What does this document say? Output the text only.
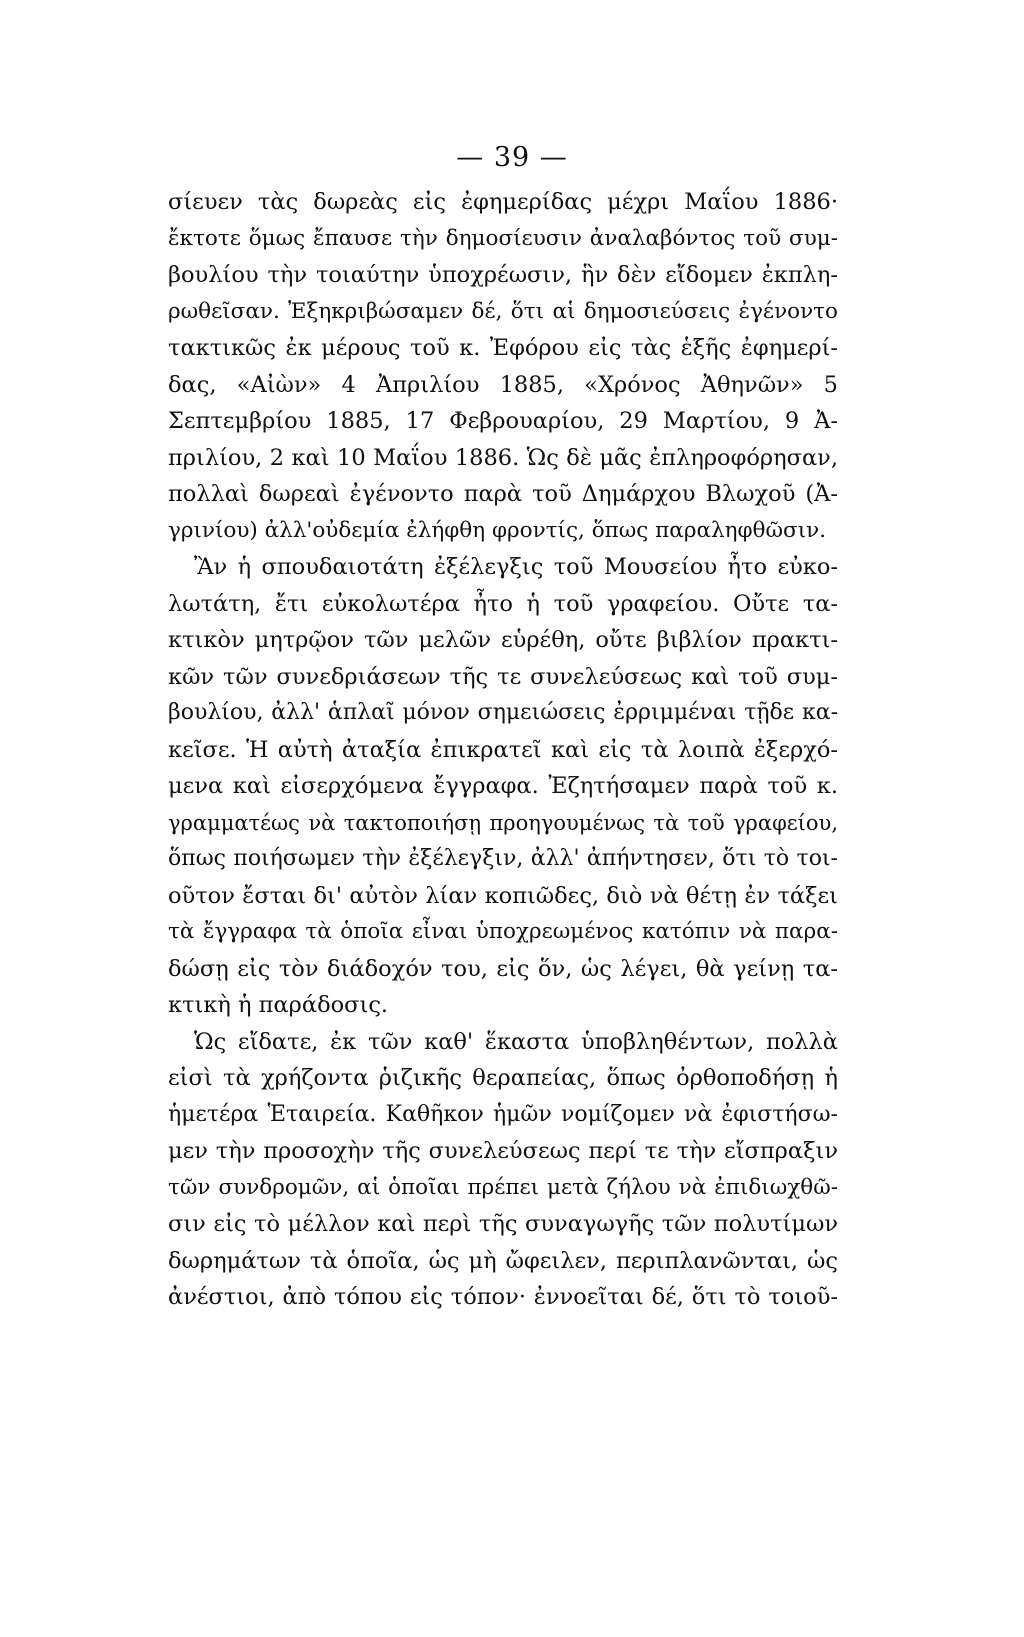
— 39 —
σίευεν τὰς δωρεὰς εἰς ἐφημερίδας μέχρι Μαΐου 1886·
ἔκτοτε ὅμως ἔπαυσε τὴν δημοσίευσιν ἀναλαβόντος τοῦ συμ-
βουλίου τὴν τοιαύτην ὑποχρέωσιν, ἣν δὲν εἴδομεν ἐκπλη-
ρωθεῖσαν. Ἐξηκριβώσαμεν δέ, ὅτι αἱ δημοσιεύσεις ἐγένοντο
τακτικῶς ἐκ μέρους τοῦ κ. Ἐφόρου εἰς τὰς ἑξῆς ἐφημερί-
δας, «Αἰὼν» 4 Ἀπριλίου 1885, «Χρόνος Ἀθηνῶν» 5
Σεπτεμβρίου 1885, 17 Φεβρουαρίου, 29 Μαρτίου, 9 Ἀ-
πριλίου, 2 καὶ 10 Μαΐου 1886. Ὡς δὲ μᾶς ἐπληροφόρησαν,
πολλαὶ δωρεαὶ ἐγένοντο παρὰ τοῦ Δημάρχου Βλωχοῦ (Ἀ-
γρινίου) ἀλλ'οὐδεμία ἐλήφθη φροντίς, ὅπως παραληφθῶσιν.
Ἂν ἡ σπουδαιοτάτη ἐξέλεγξις τοῦ Μουσείου ἦτο εὐκο-
λωτάτη, ἔτι εὐκολωτέρα ἦτο ἡ τοῦ γραφείου. Οὔτε τα-
κτικὸν μητρῷον τῶν μελῶν εὑρέθη, οὔτε βιβλίον πρακτι-
κῶν τῶν συνεδριάσεων τῆς τε συνελεύσεως καὶ τοῦ συμ-
βουλίου, ἀλλ' ἁπλαῖ μόνον σημειώσεις ἐρριμμέναι τῇδε κα-
κεῖσε. Ἡ αὐτὴ ἀταξία ἐπικρατεῖ καὶ εἰς τὰ λοιπὰ ἐξερχό-
μενα καὶ εἰσερχόμενα ἔγγραφα. Ἐζητήσαμεν παρὰ τοῦ κ.
γραμματέως νὰ τακτοποιήσῃ προηγουμένως τὰ τοῦ γραφείου,
ὅπως ποιήσωμεν τὴν ἐξέλεγξιν, ἀλλ' ἀπήντησεν, ὅτι τὸ τοι-
οῦτον ἔσται δι' αὐτὸν λίαν κοπιῶδες, διὸ νὰ θέτῃ ἐν τάξει
τὰ ἔγγραφα τὰ ὁποῖα εἶναι ὑποχρεωμένος κατόπιν νὰ παρα-
δώσῃ εἰς τὸν διάδοχόν του, εἰς ὅν, ὡς λέγει, θὰ γείνῃ τα-
κτικὴ ἡ παράδοσις.
Ὡς εἴδατε, ἐκ τῶν καθ' ἕκαστα ὑποβληθέντων, πολλὰ
εἰσὶ τὰ χρήζοντα ῥιζικῆς θεραπείας, ὅπως ὀρθοποδήσῃ ἡ
ἡμετέρα Ἑταιρεία. Καθῆκον ἡμῶν νομίζομεν νὰ ἐφιστήσω-
μεν τὴν προσοχὴν τῆς συνελεύσεως περί τε τὴν εἴσπραξιν
τῶν συνδρομῶν, αἱ ὁποῖαι πρέπει μετὰ ζήλου νὰ ἐπιδιωχθῶ-
σιν εἰς τὸ μέλλον καὶ περὶ τῆς συναγωγῆς τῶν πολυτίμων
δωρημάτων τὰ ὁποῖα, ὡς μὴ ὤφειλεν, περιπλανῶνται, ὡς
ἀνέστιοι, ἀπὸ τόπου εἰς τόπον· ἐννοεῖται δέ, ὅτι τὸ τοιοῦ-
